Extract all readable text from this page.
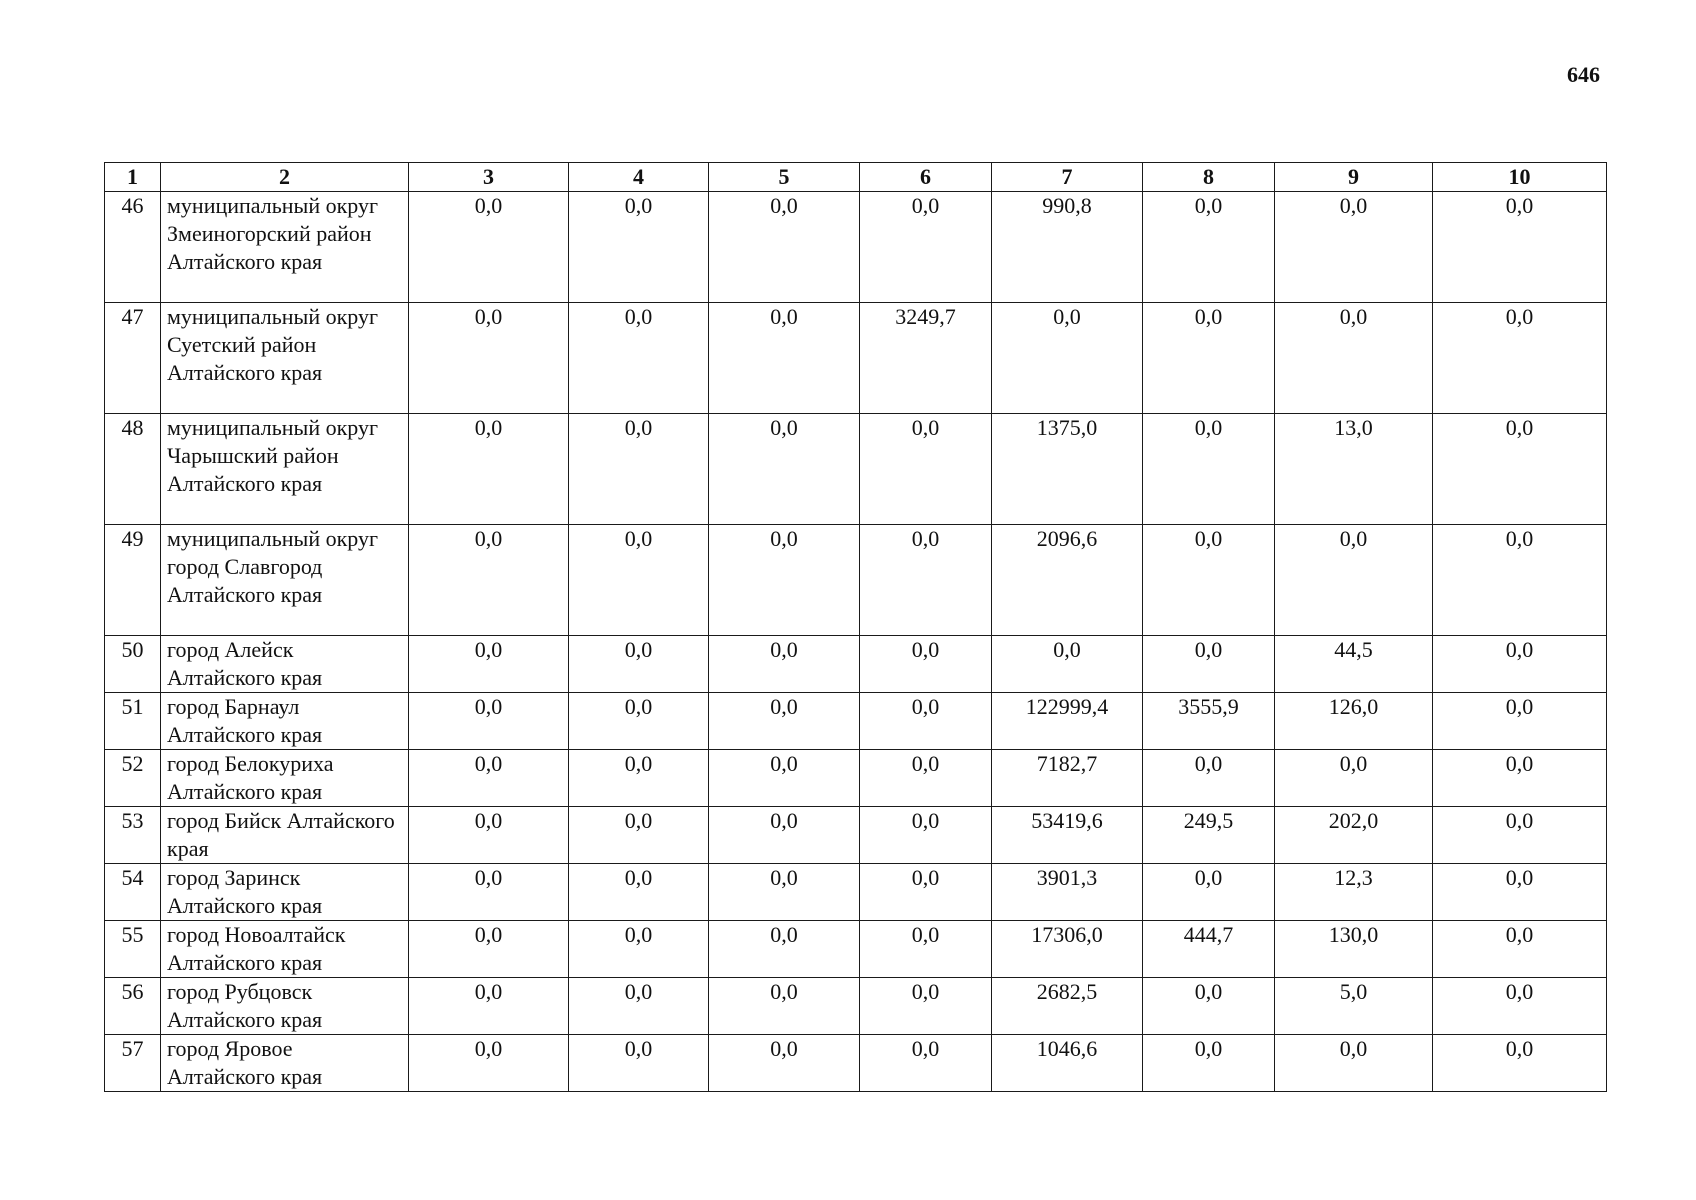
646
1	2	3	4	5	6	7	8	9	10
46	муниципальный округ Змеиногорский район Алтайского края	0,0	0,0	0,0	0,0	990,8	0,0	0,0	0,0
47	муниципальный округ Суетский район Алтайского края	0,0	0,0	0,0	3249,7	0,0	0,0	0,0	0,0
48	муниципальный округ Чарышский район Алтайского края	0,0	0,0	0,0	0,0	1375,0	0,0	13,0	0,0
49	муниципальный округ город Славгород Алтайского края	0,0	0,0	0,0	0,0	2096,6	0,0	0,0	0,0
50	город Алейск Алтайского края	0,0	0,0	0,0	0,0	0,0	0,0	44,5	0,0
51	город Барнаул Алтайского края	0,0	0,0	0,0	0,0	122999,4	3555,9	126,0	0,0
52	город Белокуриха Алтайского края	0,0	0,0	0,0	0,0	7182,7	0,0	0,0	0,0
53	город Бийск Алтайского края	0,0	0,0	0,0	0,0	53419,6	249,5	202,0	0,0
54	город Заринск Алтайского края	0,0	0,0	0,0	0,0	3901,3	0,0	12,3	0,0
55	город Новоалтайск Алтайского края	0,0	0,0	0,0	0,0	17306,0	444,7	130,0	0,0
56	город Рубцовск Алтайского края	0,0	0,0	0,0	0,0	2682,5	0,0	5,0	0,0
57	город Яровое Алтайского края	0,0	0,0	0,0	0,0	1046,6	0,0	0,0	0,0
